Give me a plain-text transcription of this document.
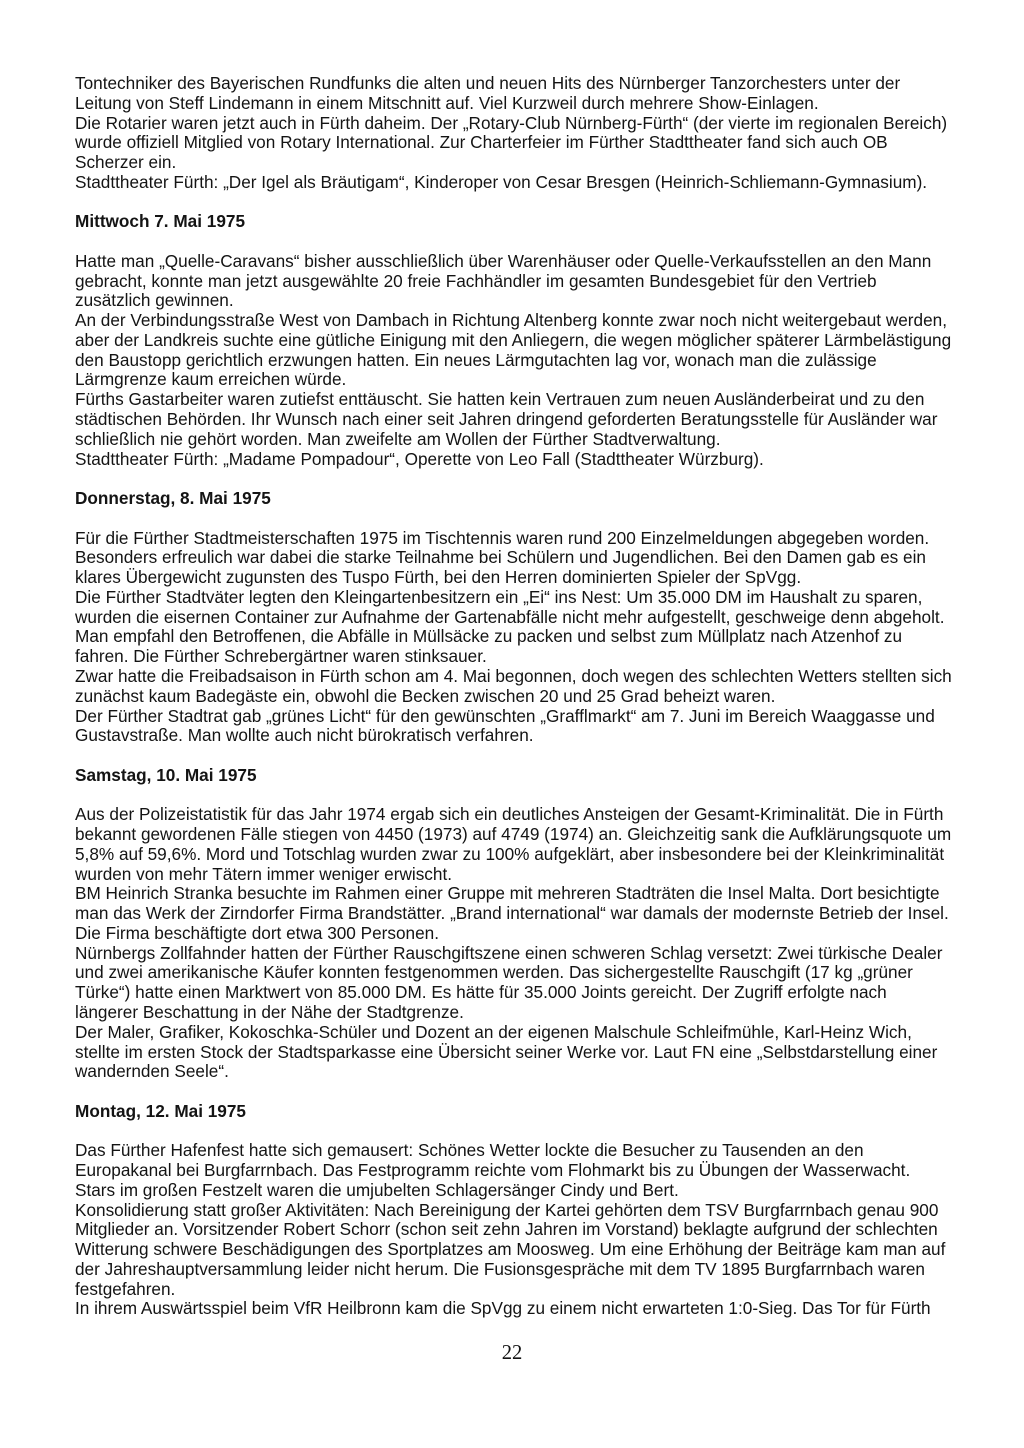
Tontechniker des Bayerischen Rundfunks die alten und neuen Hits des Nürnberger Tanzorchesters unter der
Leitung von Steff Lindemann in einem Mitschnitt auf. Viel Kurzweil durch mehrere Show-Einlagen.
Die Rotarier waren jetzt auch in Fürth daheim. Der „Rotary-Club Nürnberg-Fürth“ (der vierte im regionalen Bereich)
wurde offiziell Mitglied von Rotary International. Zur Charterfeier im Fürther Stadttheater fand sich auch OB
Scherzer ein.
Stadttheater Fürth: „Der Igel als Bräutigam“, Kinderoper von Cesar Bresgen (Heinrich-Schliemann-Gymnasium).
Mittwoch 7. Mai 1975
Hatte man „Quelle-Caravans“ bisher ausschließlich über Warenhäuser oder Quelle-Verkaufsstellen an den Mann
gebracht, konnte man jetzt ausgewählte 20 freie Fachhändler im gesamten Bundesgebiet für den Vertrieb
zusätzlich gewinnen.
An der Verbindungsstraße West von Dambach in Richtung Altenberg konnte zwar noch nicht weitergebaut werden,
aber der Landkreis suchte eine gütliche Einigung mit den Anliegern, die wegen möglicher späterer Lärmbelästigung
den Baustopp gerichtlich erzwungen hatten. Ein neues Lärmgutachten lag vor, wonach man die zulässige
Lärmgrenze kaum erreichen würde.
Fürths Gastarbeiter waren zutiefst enttäuscht. Sie hatten kein Vertrauen zum neuen Ausländerbeirat und zu den
städtischen Behörden. Ihr Wunsch nach einer seit Jahren dringend geforderten Beratungsstelle für Ausländer war
schließlich nie gehört worden. Man zweifelte am Wollen der Fürther Stadtverwaltung.
Stadttheater Fürth: „Madame Pompadour“, Operette von Leo Fall (Stadttheater Würzburg).
Donnerstag, 8. Mai 1975
Für die Fürther Stadtmeisterschaften 1975 im Tischtennis waren rund 200 Einzelmeldungen abgegeben worden.
Besonders erfreulich war dabei die starke Teilnahme bei Schülern und Jugendlichen. Bei den Damen gab es ein
klares Übergewicht zugunsten des Tuspo Fürth, bei den Herren dominierten Spieler der SpVgg.
Die Fürther Stadtväter legten den Kleingartenbesitzern ein „Ei“ ins Nest: Um 35.000 DM im Haushalt zu sparen,
wurden die eisernen Container zur Aufnahme der Gartenabfälle nicht mehr aufgestellt, geschweige denn abgeholt.
Man empfahl den Betroffenen, die Abfälle in Müllsäcke zu packen und selbst zum Müllplatz nach Atzenhof zu
fahren. Die Fürther Schrebergärtner waren stinksauer.
Zwar hatte die Freibadsaison in Fürth schon am 4. Mai begonnen, doch wegen des schlechten Wetters stellten sich
zunächst kaum Badegäste ein, obwohl die Becken zwischen 20 und 25 Grad beheizt waren.
Der Fürther Stadtrat gab „grünes Licht“ für den gewünschten „Grafflmarkt“ am 7. Juni im Bereich Waaggasse und
Gustavstraße. Man wollte auch nicht bürokratisch verfahren.
Samstag, 10. Mai 1975
Aus der Polizeistatistik für das Jahr 1974 ergab sich ein deutliches Ansteigen der Gesamt-Kriminalität. Die in Fürth
bekannt gewordenen Fälle stiegen von 4450 (1973) auf 4749 (1974) an. Gleichzeitig sank die Aufklärungsquote um
5,8% auf 59,6%. Mord und Totschlag wurden zwar zu 100% aufgeklärt, aber insbesondere bei der Kleinkriminalität
wurden von mehr Tätern immer weniger erwischt.
BM Heinrich Stranka besuchte im Rahmen einer Gruppe mit mehreren Stadträten die Insel Malta. Dort besichtigte
man das Werk der Zirndorfer Firma Brandstätter. „Brand international“ war damals der modernste Betrieb der Insel.
Die Firma beschäftigte dort etwa 300 Personen.
Nürnbergs Zollfahnder hatten der Fürther Rauschgiftszene einen schweren Schlag versetzt: Zwei türkische Dealer
und zwei amerikanische Käufer konnten festgenommen werden. Das sichergestellte Rauschgift (17 kg „grüner
Türke“) hatte einen Marktwert von 85.000 DM. Es hätte für 35.000 Joints gereicht. Der Zugriff erfolgte nach
längerer Beschattung in der Nähe der Stadtgrenze.
Der Maler, Grafiker, Kokoschka-Schüler und Dozent an der eigenen Malschule Schleifmühle, Karl-Heinz Wich,
stellte im ersten Stock der Stadtsparkasse eine Übersicht seiner Werke vor. Laut FN eine „Selbstdarstellung einer
wandernden Seele“.
Montag, 12. Mai 1975
Das Fürther Hafenfest hatte sich gemausert: Schönes Wetter lockte die Besucher zu Tausenden an den
Europakanal bei Burgfarrnbach. Das Festprogramm reichte vom Flohmarkt bis zu Übungen der Wasserwacht.
Stars im großen Festzelt waren die umjubelten Schlagersänger Cindy und Bert.
Konsolidierung statt großer Aktivitäten: Nach Bereinigung der Kartei gehörten dem TSV Burgfarrnbach genau 900
Mitglieder an. Vorsitzender Robert Schorr (schon seit zehn Jahren im Vorstand) beklagte aufgrund der schlechten
Witterung schwere Beschädigungen des Sportplatzes am Moosweg. Um eine Erhöhung der Beiträge kam man auf
der Jahreshauptversammlung leider nicht herum. Die Fusionsgespräche mit dem TV 1895 Burgfarrnbach waren
festgefahren.
In ihrem Auswärtsspiel beim VfR Heilbronn kam die SpVgg zu einem nicht erwarteten 1:0-Sieg. Das Tor für Fürth
22
